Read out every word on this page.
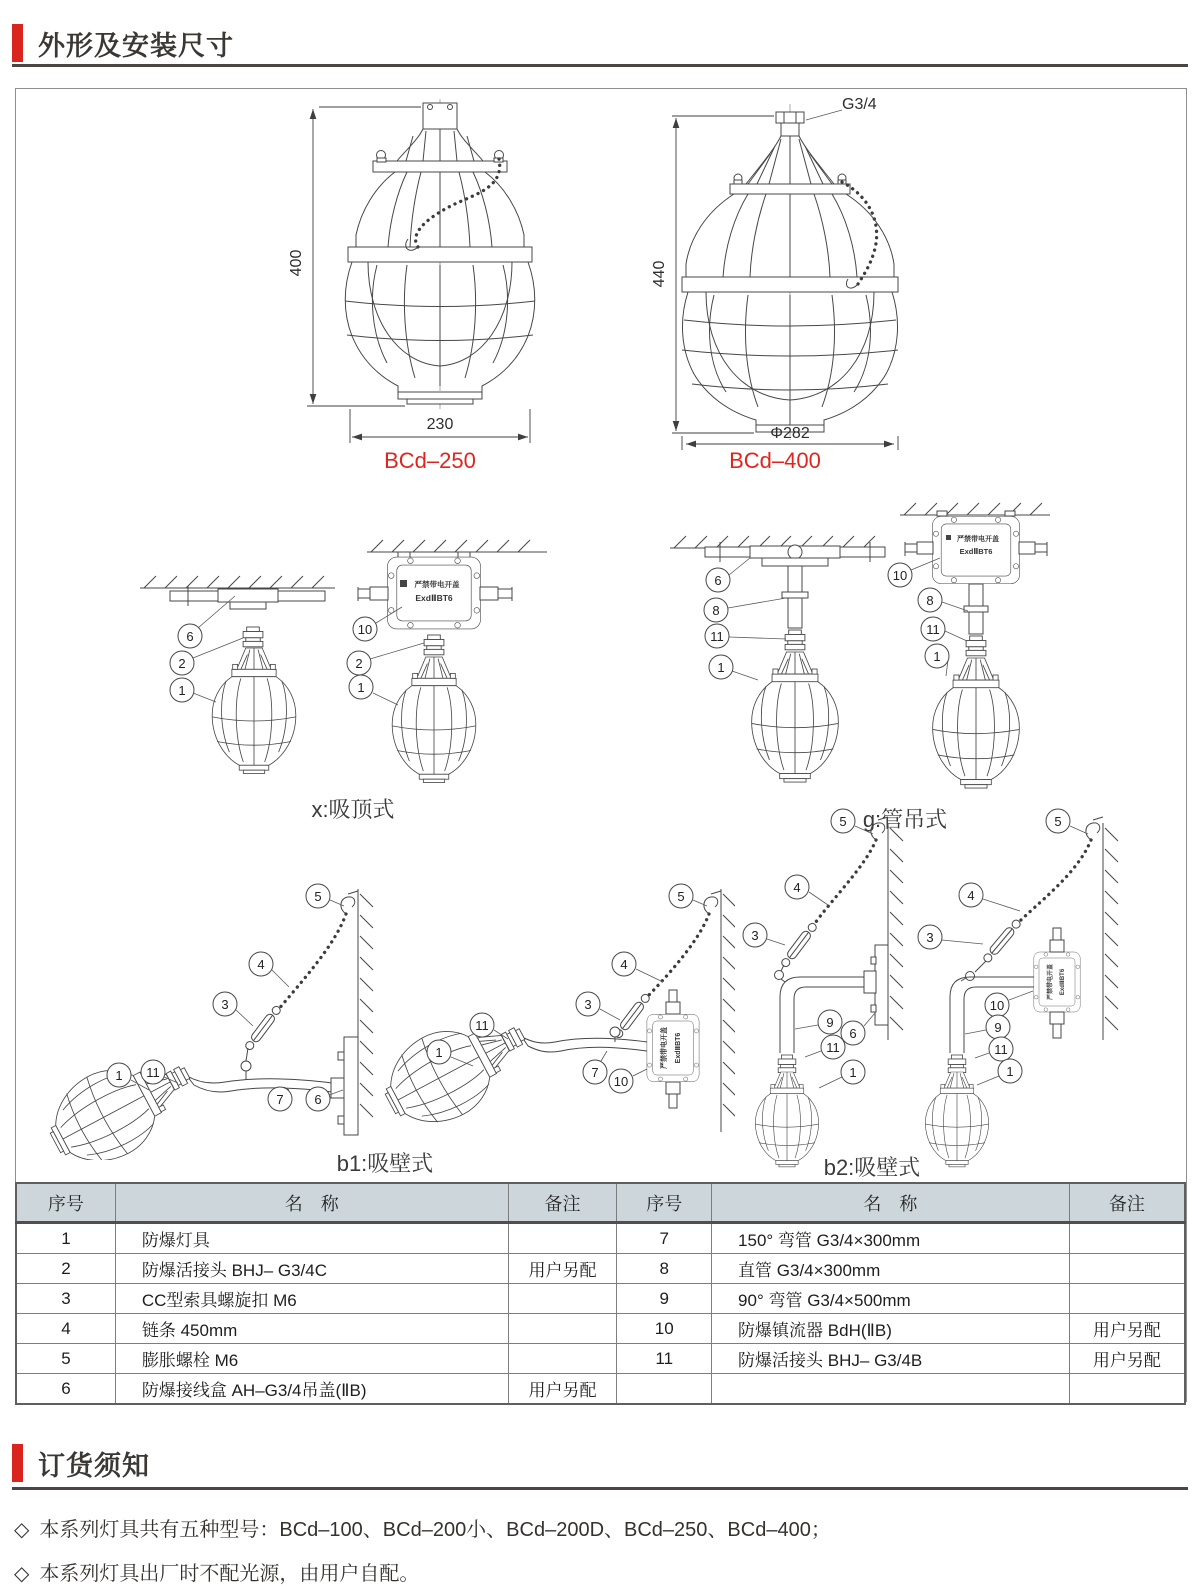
外形及安装尺寸
400
230
BCd–250
G3/4
440
Φ282
BCd–400
6
2
1
严禁带电开盖
ExdⅡBT6
10
2
1
x:吸顶式
6
8
11
1
严禁带电开盖
ExdⅡBT6
10
8
11
1
g:管吊式
5
4
3
1 11
7 6
严禁带电开盖 ExdⅡBT6
5
4
3
1
11
7
10
b1:吸壁式
5
4
3
9
11
1
6
严禁带电开盖 ExdⅡBT6
5
4
3
10
9
11
1
b2:吸壁式
序号	名　称	备注	序号	名　称	备注
1	防爆灯具		7	150° 弯管 G3/4×300mm	
2	防爆活接头 BHJ– G3/4C	用户另配	8	直管 G3/4×300mm	
3	CC型索具螺旋扣 M6		9	90° 弯管 G3/4×500mm	
4	链条 450mm		10	防爆镇流器 BdH(ⅡB)	用户另配
5	膨胀螺栓 M6		11	防爆活接头 BHJ– G3/4B	用户另配
6	防爆接线盒 AH–G3/4吊盖(ⅡB)	用户另配			
订货须知
◇ 本系列灯具共有五种型号：BCd–100、BCd–200小、BCd–200D、BCd–250、BCd–400；
◇ 本系列灯具出厂时不配光源，由用户自配。
